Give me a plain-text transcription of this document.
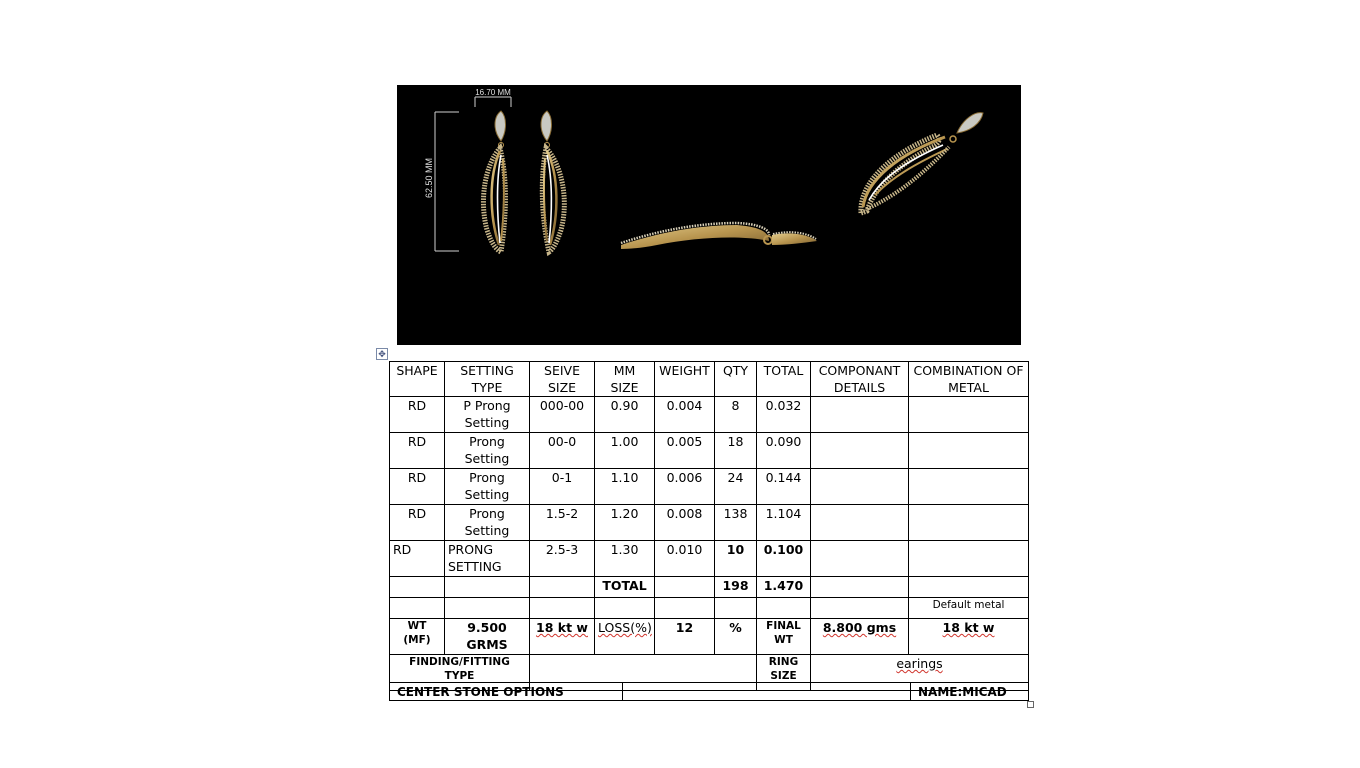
16.70 MM
62.50 MM
✥
SHAPE	SETTING TYPE	SEIVE SIZE	MM SIZE	WEIGHT	QTY	TOTAL	COMPONANT DETAILS	COMBINATION OF METAL
RD	P Prong Setting	000-00	0.90	0.004	8	0.032		
RD	Prong Setting	00-0	1.00	0.005	18	0.090		
RD	Prong Setting	0-1	1.10	0.006	24	0.144		
RD	Prong Setting	1.5-2	1.20	0.008	138	1.104		
RD	PRONG SETTING	2.5-3	1.30	0.010	10	0.100		
			TOTAL		198	1.470		
								Default metal
WT (MF)	9.500 GRMS	18 kt w	LOSS(%)	12	%	FINAL WT	8.800 gms	18 kt w
FINDING/FITTING TYPE						RING SIZE	earings	
CENTER STONE OPTIONS		NAME:MICAD
